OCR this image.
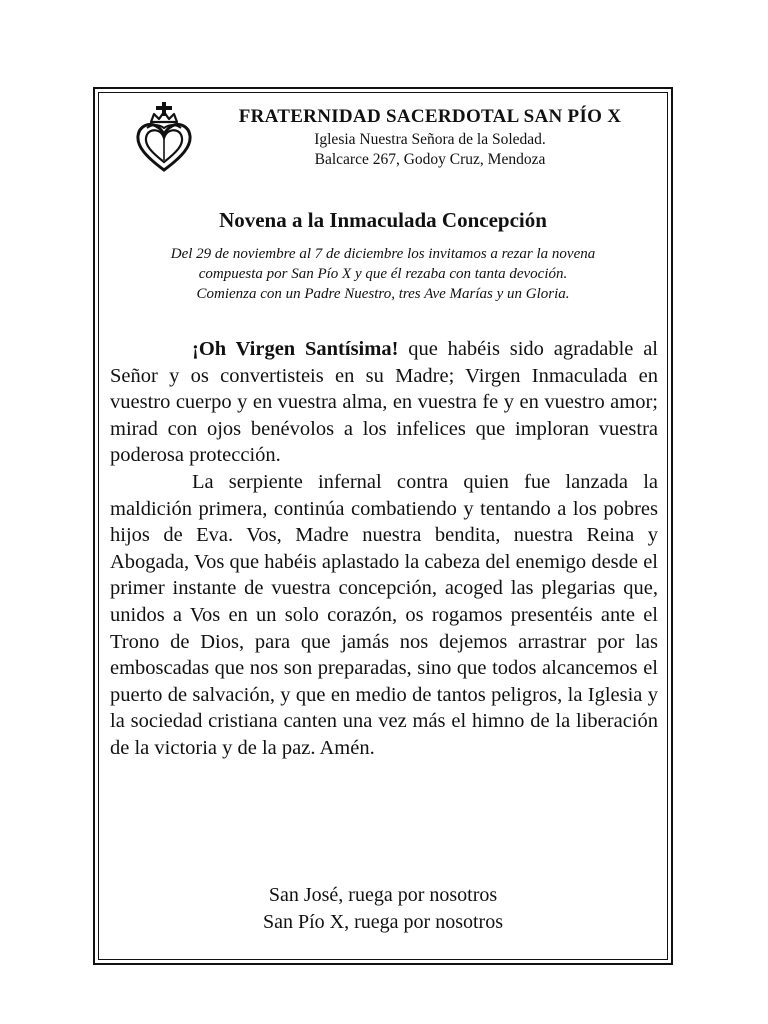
FRATERNIDAD SACERDOTAL SAN PÍO X
Iglesia Nuestra Señora de la Soledad.
Balcarce 267, Godoy Cruz, Mendoza
Novena a la Inmaculada Concepción
Del 29 de noviembre al 7 de diciembre los invitamos a rezar la novena
compuesta por San Pío X y que él rezaba con tanta devoción.
Comienza con un Padre Nuestro, tres Ave Marías y un Gloria.

¡Oh Virgen Santísima! que habéis sido agradable al Señor y os convertisteis en su Madre; Virgen Inmaculada en vuestro cuerpo y en vuestra alma, en vuestra fe y en vuestro amor; mirad con ojos benévolos a los infelices que imploran vuestra poderosa protección.

La serpiente infernal contra quien fue lanzada la maldición primera, continúa combatiendo y tentando a los pobres hijos de Eva. Vos, Madre nuestra bendita, nuestra Reina y Abogada, Vos que habéis aplastado la cabeza del enemigo desde el primer instante de vuestra concepción, acoged las plegarias que, unidos a Vos en un solo corazón, os rogamos presentéis ante el Trono de Dios, para que jamás nos dejemos arrastrar por las emboscadas que nos son preparadas, sino que todos alcancemos el puerto de salvación, y que en medio de tantos peligros, la Iglesia y la sociedad cristiana canten una vez más el himno de la liberación de la victoria y de la paz. Amén.

San José, ruega por nosotros
San Pío X, ruega por nosotros
